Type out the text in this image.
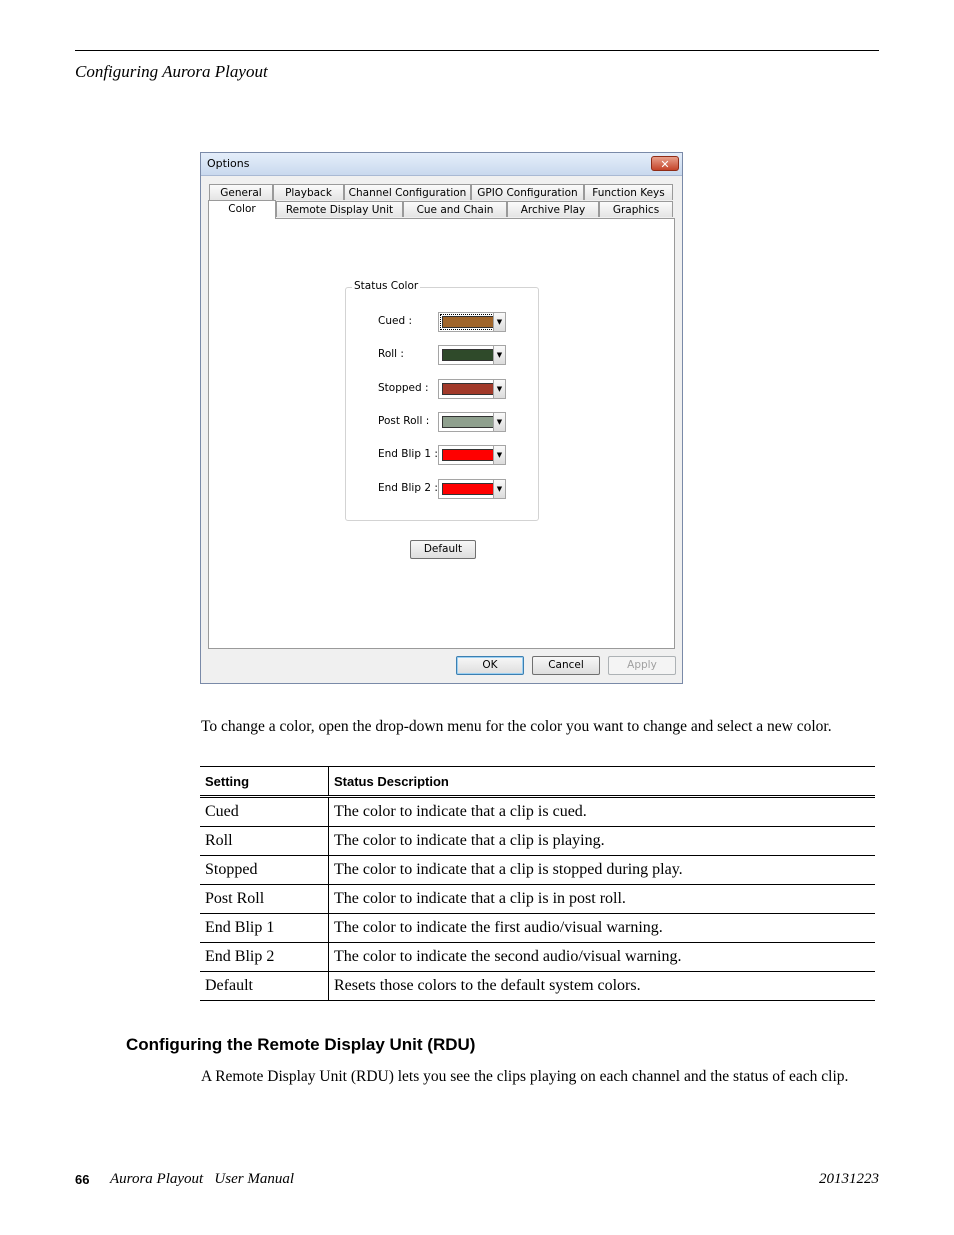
Configuring Aurora Playout
Options	✕
General	Playback	Channel Configuration	GPIO Configuration	Function Keys
Color	Remote Display Unit	Cue and Chain	Archive Play	Graphics
Status Color
Cued :	▼
Roll :	▼
Stopped :	▼
Post Roll :	▼
End Blip 1 :	▼
End Blip 2 :	▼
Default
OK	Cancel	Apply
To change a color, open the drop-down menu for the color you want to change and select a new color.
Setting	Status Description
Cued	The color to indicate that a clip is cued.
Roll	The color to indicate that a clip is playing.
Stopped	The color to indicate that a clip is stopped during play.
Post Roll	The color to indicate that a clip is in post roll.
End Blip 1	The color to indicate the first audio/visual warning.
End Blip 2	The color to indicate the second audio/visual warning.
Default	Resets those colors to the default system colors.
Configuring the Remote Display Unit (RDU)
A Remote Display Unit (RDU) lets you see the clips playing on each channel and the status of each clip.
66 Aurora Playout   User Manual	20131223
